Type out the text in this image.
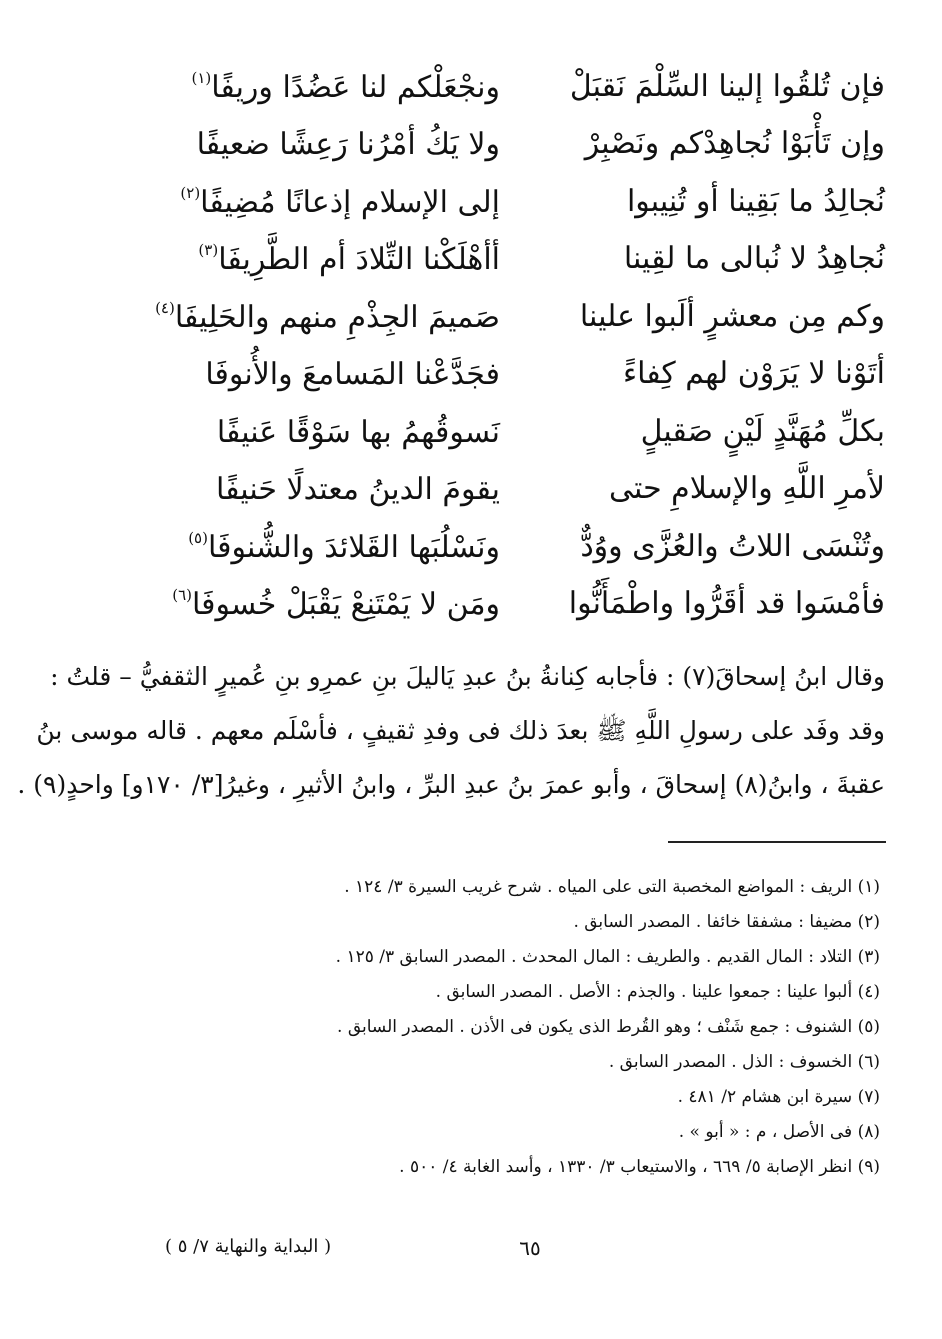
فإن تُلقُوا إلينا السِّلْمَ نَقبَلْ
ونجْعَلْكم لنا عَضُدًا وريفًا$^{(١)}$
وإن تَأْبَوْا نُجاهِدْكم ونَصْبِرْ
ولا يَكُ أمْرُنا رَعِشًا ضعيفًا
نُجالِدُ ما بَقِينا أو تُنِيبوا
إلى الإسلام إذعانًا مُضِيفًا$^{(٢)}$
نُجاهِدُ لا نُبالى ما لقِينا
أأهْلَكْنا التِّلادَ أم الطَّرِيفَا$^{(٣)}$
وكم مِن معشرٍ ألَبوا علينا
صَميمَ الجِذْمِ منهم والحَلِيفَا$^{(٤)}$
أتَوْنا لا يَرَوْن لهم كِفاءً
فجَدَّعْنا المَسامعَ والأُنوفَا
بكلِّ مُهَنَّدٍ لَيْنٍ صَقيلٍ
نَسوقُهمُ بها سَوْقًا عَنيفًا
لأمرِ اللَّهِ والإسلامِ حتى
يقومَ الدينُ معتدلًا حَنيفًا
وتُنْسَى اللاتُ والعُزَّى ووُدٌّ
ونَسْلُبَها القَلائدَ والشُّنوفَا$^{(٥)}$
فأمْسَوا قد أقَرُّوا واطْمَأَنُّوا
ومَن لا يَمْتَنِعْ يَقْبَلْ خُسوفَا$^{(٦)}$
وقال ابنُ إسحاقَ(٧) : فأجابه كِنانةُ بنُ عبدِ يَاليلَ بنِ عمرِو بنِ عُميرٍ الثقفيُّ – قلتُ :
وقد وفَد على رسولِ اللَّهِ ﷺ بعدَ ذلك فى وفدِ ثقيفٍ ، فأسْلَم معهم . قاله موسى بنُ
عقبةَ ، وابنُ(٨) إسحاقَ ، وأبو عمرَ بنُ عبدِ البرِّ ، وابنُ الأثيرِ ، وغيرُ[٣/ ١٧٠و] واحدٍ(٩) .
(١) الريف : المواضع المخصبة التى على المياه . شرح غريب السيرة ٣/ ١٢٤ .
(٢) مضيفا : مشفقا خائفا . المصدر السابق .
(٣) التلاد : المال القديم . والطريف : المال المحدث . المصدر السابق ٣/ ١٢٥ .
(٤) ألبوا علينا : جمعوا علينا . والجذم : الأصل . المصدر السابق .
(٥) الشنوف : جمع شَنْف ؛ وهو القُرط الذى يكون فى الأذن . المصدر السابق .
(٦) الخسوف : الذل . المصدر السابق .
(٧) سيرة ابن هشام ٢/ ٤٨١ .
(٨) فى الأصل ، م : « أبو » .
(٩) انظر الإصابة ٥/ ٦٦٩ ، والاستيعاب ٣/ ١٣٣٠ ، وأسد الغابة ٤/ ٥٠٠ .
٦٥
( البداية والنهاية ٧/ ٥ )
